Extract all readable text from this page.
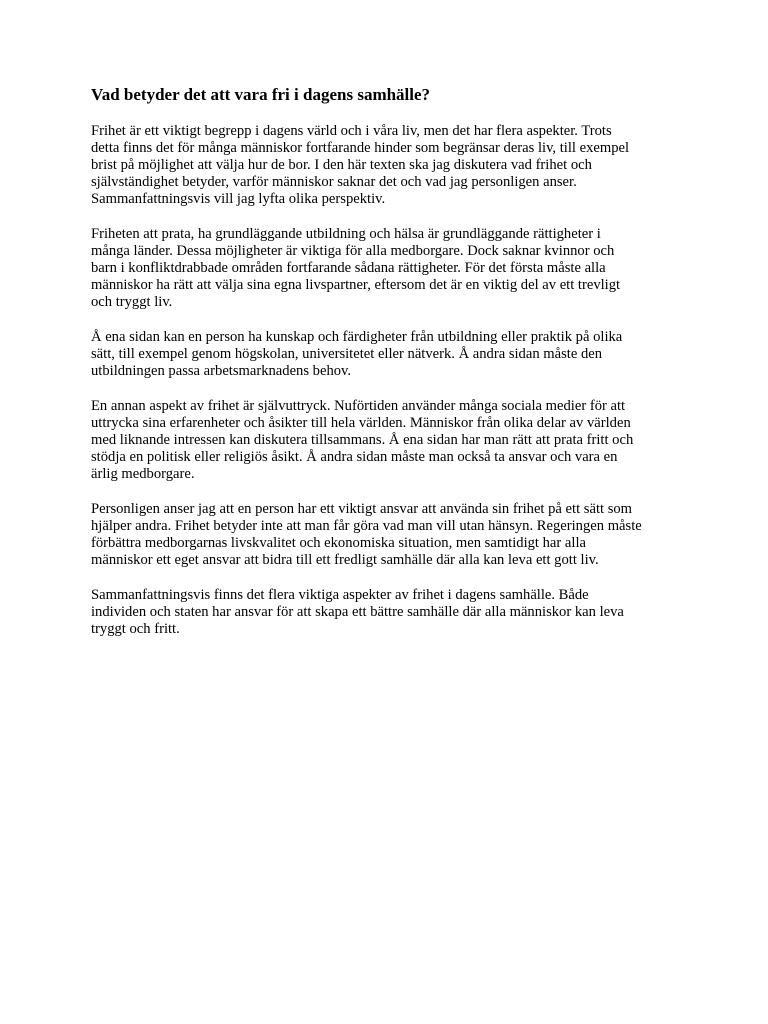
Vad betyder det att vara fri i dagens samhälle?

Frihet är ett viktigt begrepp i dagens värld och i våra liv, men det har flera aspekter. Trots
detta finns det för många människor fortfarande hinder som begränsar deras liv, till exempel
brist på möjlighet att välja hur de bor. I den här texten ska jag diskutera vad frihet och
självständighet betyder, varför människor saknar det och vad jag personligen anser.
Sammanfattningsvis vill jag lyfta olika perspektiv.

Friheten att prata, ha grundläggande utbildning och hälsa är grundläggande rättigheter i
många länder. Dessa möjligheter är viktiga för alla medborgare. Dock saknar kvinnor och
barn i konfliktdrabbade områden fortfarande sådana rättigheter. För det första måste alla
människor ha rätt att välja sina egna livspartner, eftersom det är en viktig del av ett trevligt
och tryggt liv.

Å ena sidan kan en person ha kunskap och färdigheter från utbildning eller praktik på olika
sätt, till exempel genom högskolan, universitetet eller nätverk. Å andra sidan måste den
utbildningen passa arbetsmarknadens behov.

En annan aspekt av frihet är självuttryck. Nuförtiden använder många sociala medier för att
uttrycka sina erfarenheter och åsikter till hela världen. Människor från olika delar av världen
med liknande intressen kan diskutera tillsammans. Å ena sidan har man rätt att prata fritt och
stödja en politisk eller religiös åsikt. Å andra sidan måste man också ta ansvar och vara en
ärlig medborgare.

Personligen anser jag att en person har ett viktigt ansvar att använda sin frihet på ett sätt som
hjälper andra. Frihet betyder inte att man får göra vad man vill utan hänsyn. Regeringen måste
förbättra medborgarnas livskvalitet och ekonomiska situation, men samtidigt har alla
människor ett eget ansvar att bidra till ett fredligt samhälle där alla kan leva ett gott liv.

Sammanfattningsvis finns det flera viktiga aspekter av frihet i dagens samhälle. Både
individen och staten har ansvar för att skapa ett bättre samhälle där alla människor kan leva
tryggt och fritt.
